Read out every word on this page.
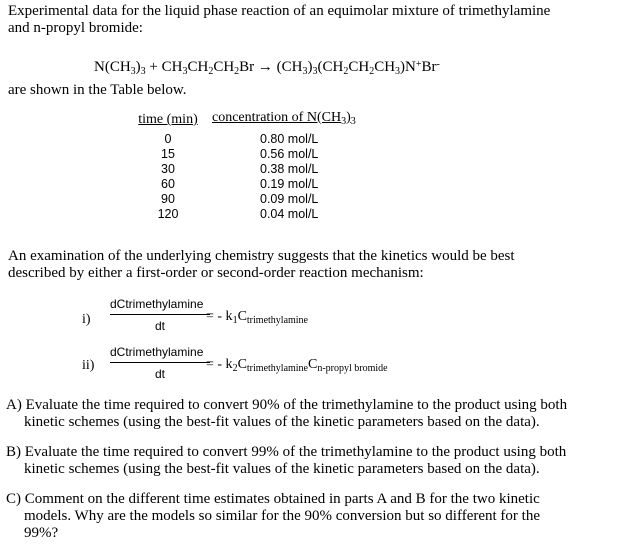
Experimental data for the liquid phase reaction of an equimolar mixture of trimethylamine
and n-propyl bromide:
$N(CH_3)_3 + CH_3CH_2CH_2Br \to (CH_3)_3(CH_2CH_2CH_3)N^+Br^-$
are shown in the Table below.
time (min)	concentration of $N(CH_3)_3$
0	0.80 mol/L
15	0.56 mol/L
30	0.38 mol/L
60	0.19 mol/L
90	0.09 mol/L
120	0.04 mol/L
An examination of the underlying chemistry suggests that the kinetics would be best
described by either a first-order or second-order reaction mechanism:
i)
dCtrimethylamine
dt
= - $k_1C_{trimethylamine}$
ii)
dCtrimethylamine
dt
= - $k_2C_{trimethylamine}C_{n-propyl bromide}$
A) Evaluate the time required to convert 90% of the trimethylamine to the product using both
kinetic schemes (using the best-fit values of the kinetic parameters based on the data).
B) Evaluate the time required to convert 99% of the trimethylamine to the product using both
kinetic schemes (using the best-fit values of the kinetic parameters based on the data).
C) Comment on the different time estimates obtained in parts A and B for the two kinetic
models. Why are the models so similar for the 90% conversion but so different for the
99%?
